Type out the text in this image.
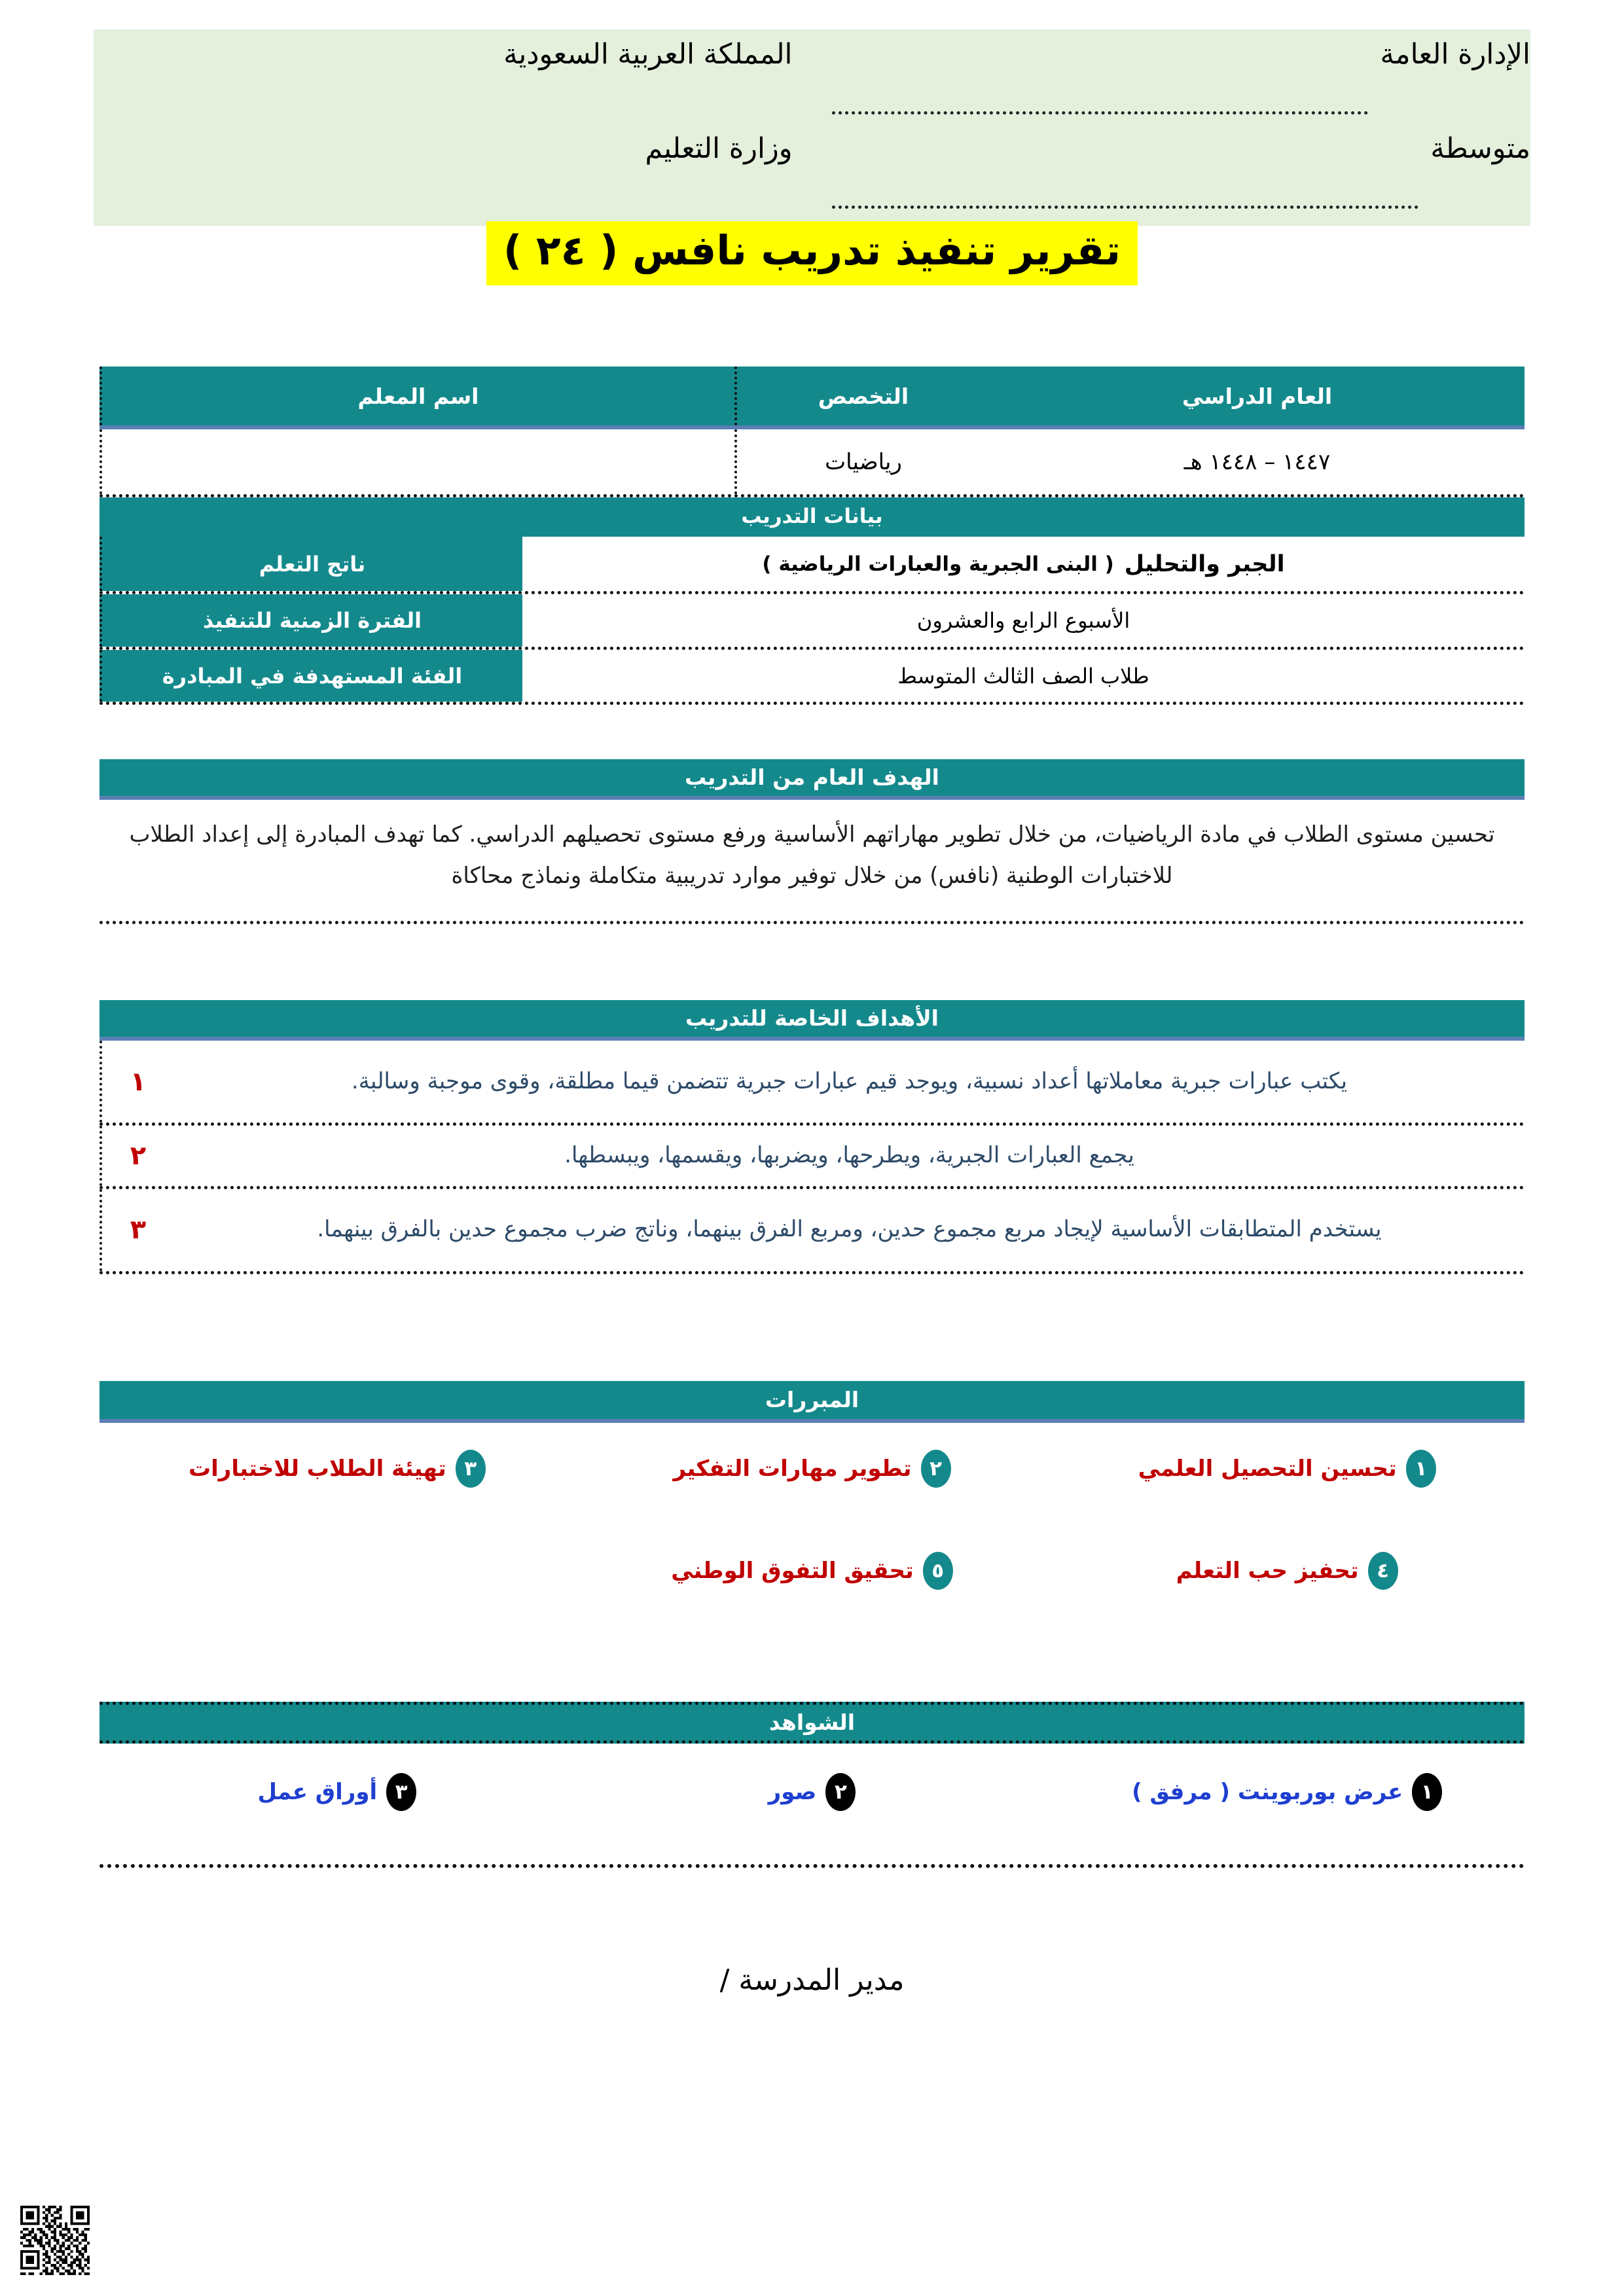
الإدارة العامة
متوسطة
المملكة العربية السعودية
وزارة التعليم
تقرير تنفيذ تدريب نافس ( ٢٤ )
العام الدراسي
التخصص
اسم المعلم
١٤٤٧ – ١٤٤٨ هـ
رياضيات
بيانات التدريب
الجبر والتحليل
( البنى الجبرية والعبارات الرياضية )
ناتج التعلم
الأسبوع الرابع والعشرون
الفترة الزمنية للتنفيذ
طلاب الصف الثالث المتوسط
الفئة المستهدفة في المبادرة
الهدف العام من التدريب
تحسين مستوى الطلاب في مادة الرياضيات، من خلال تطوير مهاراتهم الأساسية ورفع مستوى تحصيلهم الدراسي. كما تهدف المبادرة إلى إعداد الطلاب للاختبارات الوطنية (نافس) من خلال توفير موارد تدريبية متكاملة ونماذج محاكاة
الأهداف الخاصة للتدريب
يكتب عبارات جبرية معاملاتها أعداد نسبية، ويوجد قيم عبارات جبرية تتضمن قيما مطلقة، وقوى موجبة وسالبة.
١
يجمع العبارات الجبرية، ويطرحها، ويضربها، ويقسمها، ويبسطها.
٢
يستخدم المتطابقات الأساسية لإيجاد مربع مجموع حدين، ومربع الفرق بينهما، وناتج ضرب مجموع حدين بالفرق بينهما.
٣
المبررات
١
تحسين التحصيل العلمي
٢
تطوير مهارات التفكير
٣
تهيئة الطلاب للاختبارات
٤
تحفيز حب التعلم
٥
تحقيق التفوق الوطني
الشواهد
١
عرض بوربوينت ( مرفق )
٢
صور
٣
أوراق عمل
مدير المدرسة /
